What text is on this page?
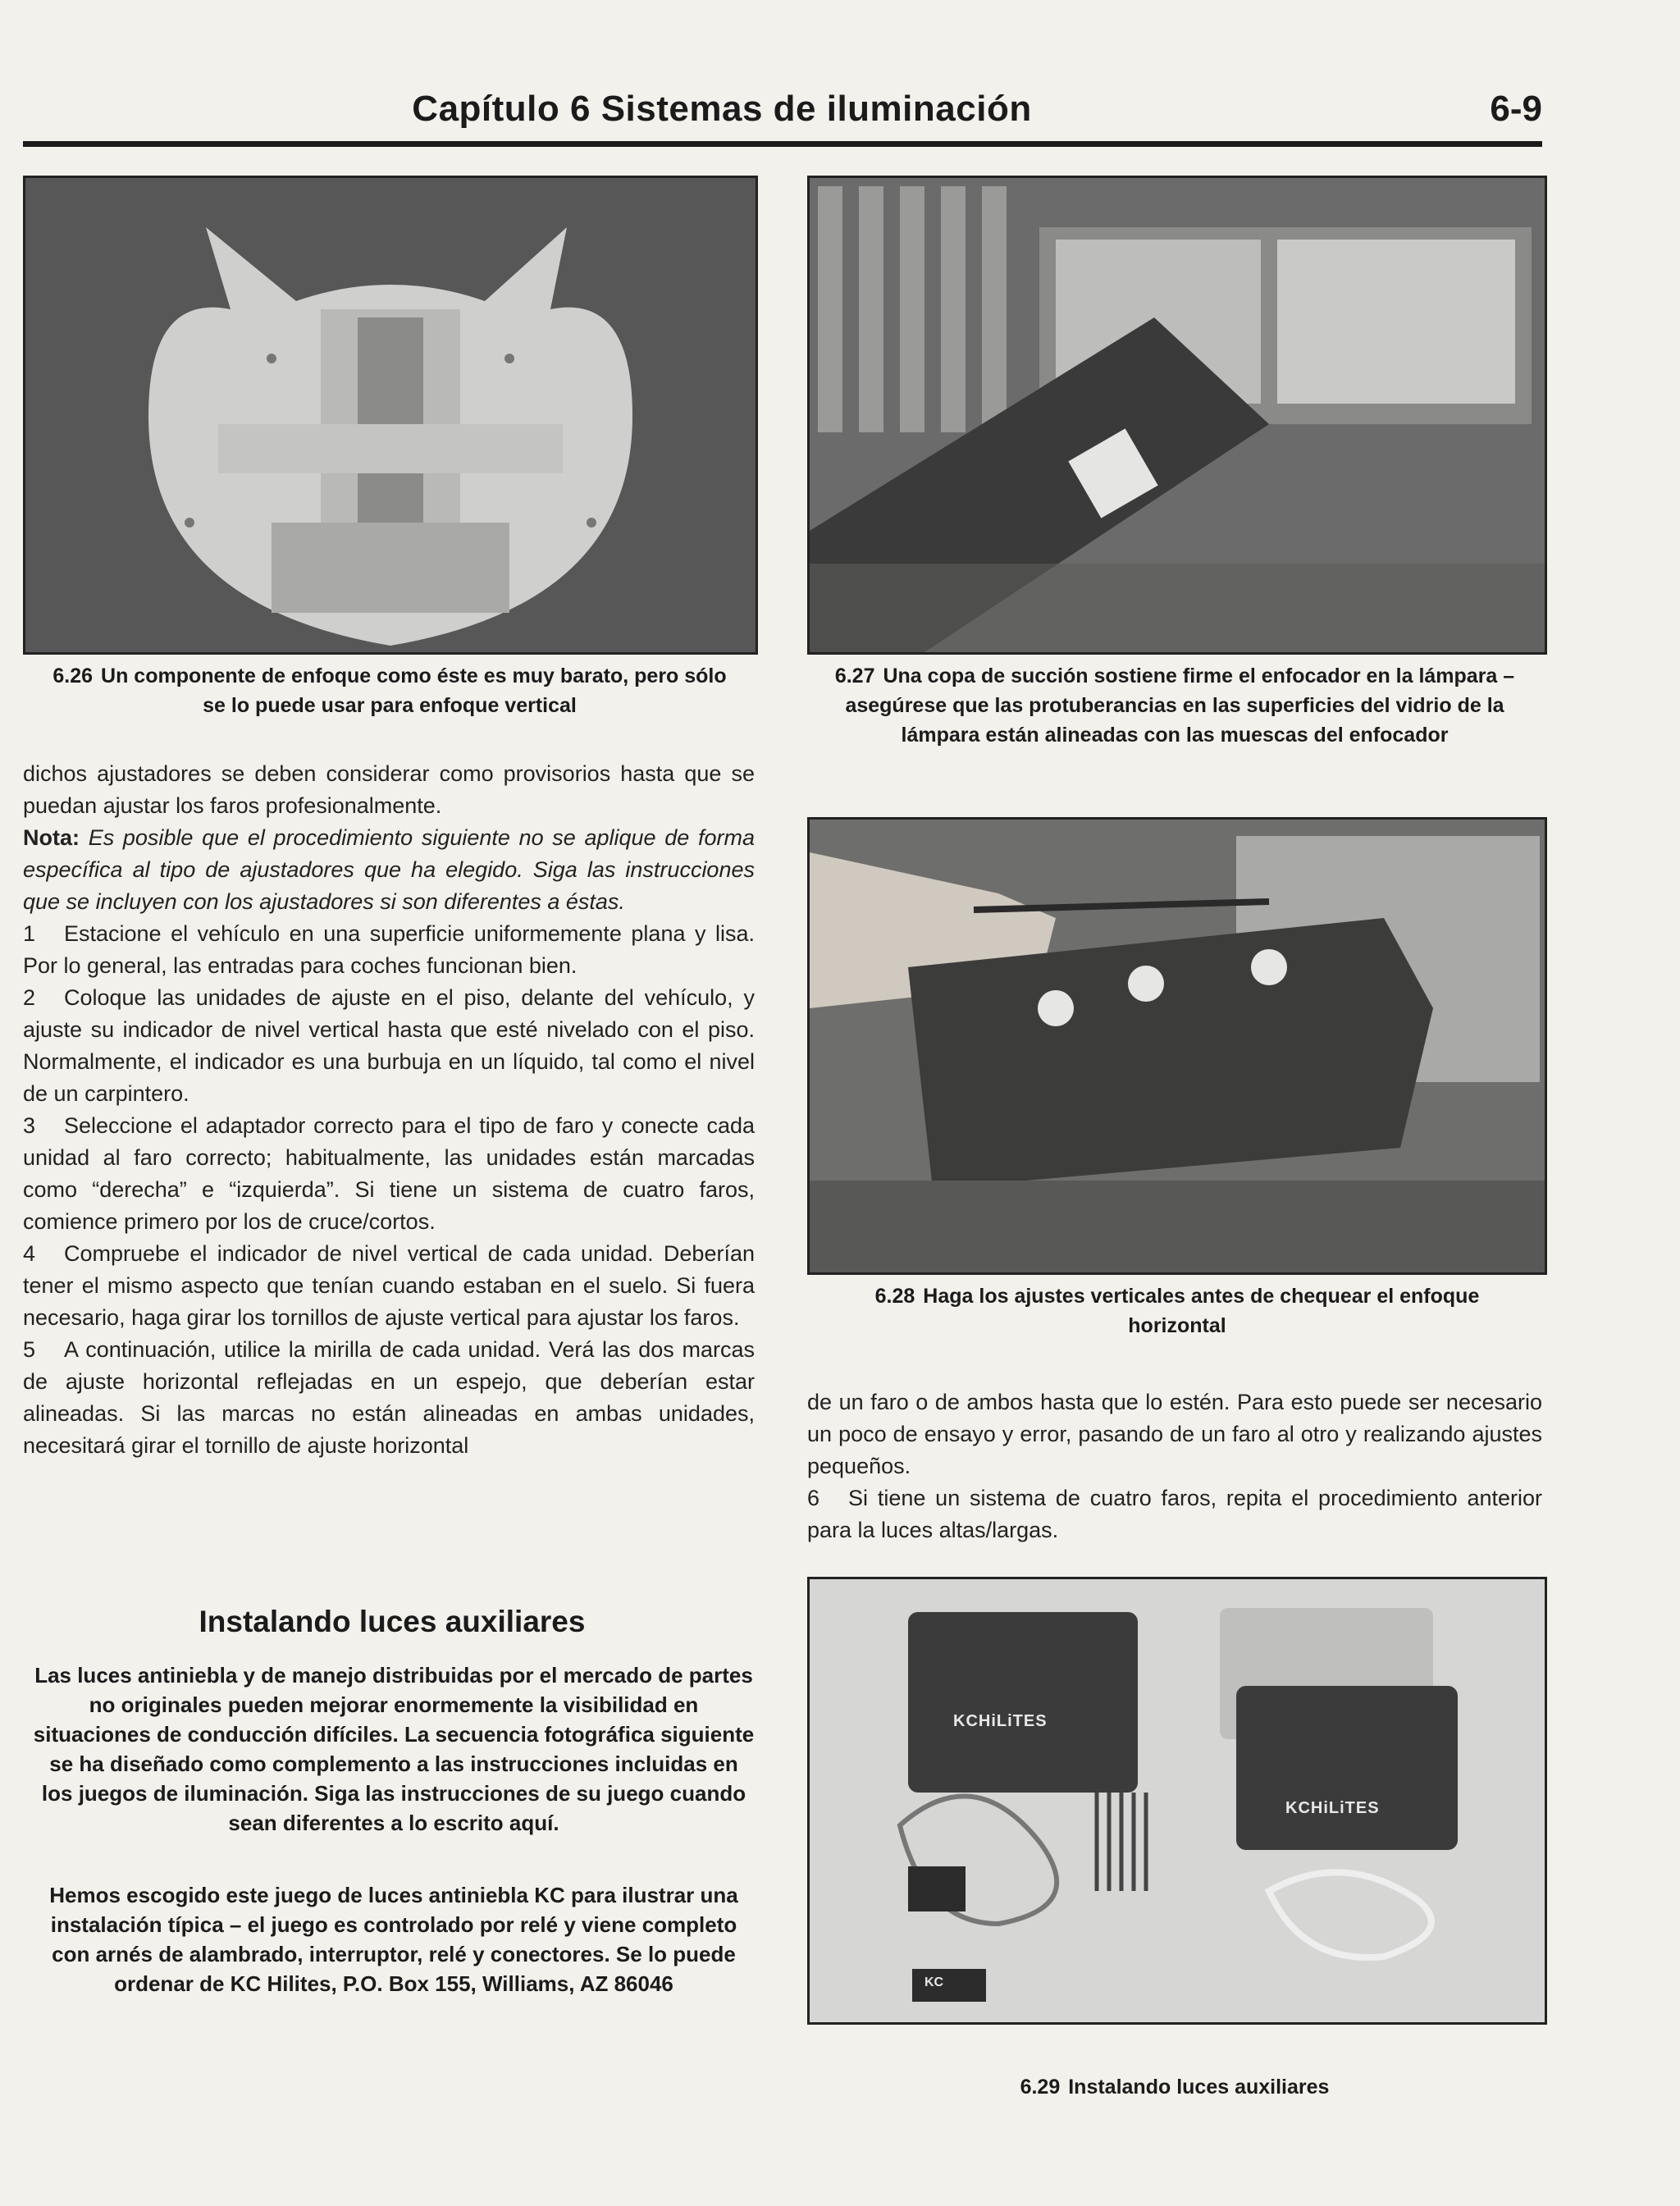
Capítulo 6 Sistemas de iluminación	6-9
6.26 Un componente de enfoque como éste es muy barato, pero sólo se lo puede usar para enfoque vertical
6.27 Una copa de succión sostiene firme el enfocador en la lámpara – asegúrese que las protuberancias en las superficies del vidrio de la lámpara están alineadas con las muescas del enfocador
6.28 Haga los ajustes verticales antes de chequear el enfoque horizontal

dichos ajustadores se deben considerar como provisorios hasta que se puedan ajustar los faros profesionalmente.

Nota: Es posible que el procedimiento siguiente no se aplique de forma específica al tipo de ajustadores que ha elegido. Siga las instrucciones que se incluyen con los ajustadores si son diferentes a éstas.

1 Estacione el vehículo en una superficie uniformemente plana y lisa. Por lo general, las entradas para coches funcionan bien.

2 Coloque las unidades de ajuste en el piso, delante del vehículo, y ajuste su indicador de nivel vertical hasta que esté nivelado con el piso. Normalmente, el indicador es una burbuja en un líquido, tal como el nivel de un carpintero.

3 Seleccione el adaptador correcto para el tipo de faro y conecte cada unidad al faro correcto; habitualmente, las unidades están marcadas como “derecha” e “izquierda”. Si tiene un sistema de cuatro faros, comience primero por los de cruce/cortos.

4 Compruebe el indicador de nivel vertical de cada unidad. Deberían tener el mismo aspecto que tenían cuando estaban en el suelo. Si fuera necesario, haga girar los tornillos de ajuste vertical para ajustar los faros.

5 A continuación, utilice la mirilla de cada unidad. Verá las dos marcas de ajuste horizontal reflejadas en un espejo, que deberían estar alineadas. Si las marcas no están alineadas en ambas unidades, necesitará girar el tornillo de ajuste horizontal

de un faro o de ambos hasta que lo estén. Para esto puede ser necesario un poco de ensayo y error, pasando de un faro al otro y realizando ajustes pequeños.

6 Si tiene un sistema de cuatro faros, repita el procedimiento anterior para la luces altas/largas.

Instalando luces auxiliares
Las luces antiniebla y de manejo distribuidas por el mercado de partes no originales pueden mejorar enormemente la visibilidad en situaciones de conducción difíciles. La secuencia fotográfica siguiente se ha diseñado como complemento a las instrucciones incluidas en los juegos de iluminación. Siga las instrucciones de su juego cuando sean diferentes a lo escrito aquí.
Hemos escogido este juego de luces antiniebla KC para ilustrar una instalación típica – el juego es controlado por relé y viene completo con arnés de alambrado, interruptor, relé y conectores. Se lo puede ordenar de KC Hilites, P.O. Box 155, Williams, AZ 86046
KCHiLiTES
KCHiLiTES
KC
6.29 Instalando luces auxiliares
